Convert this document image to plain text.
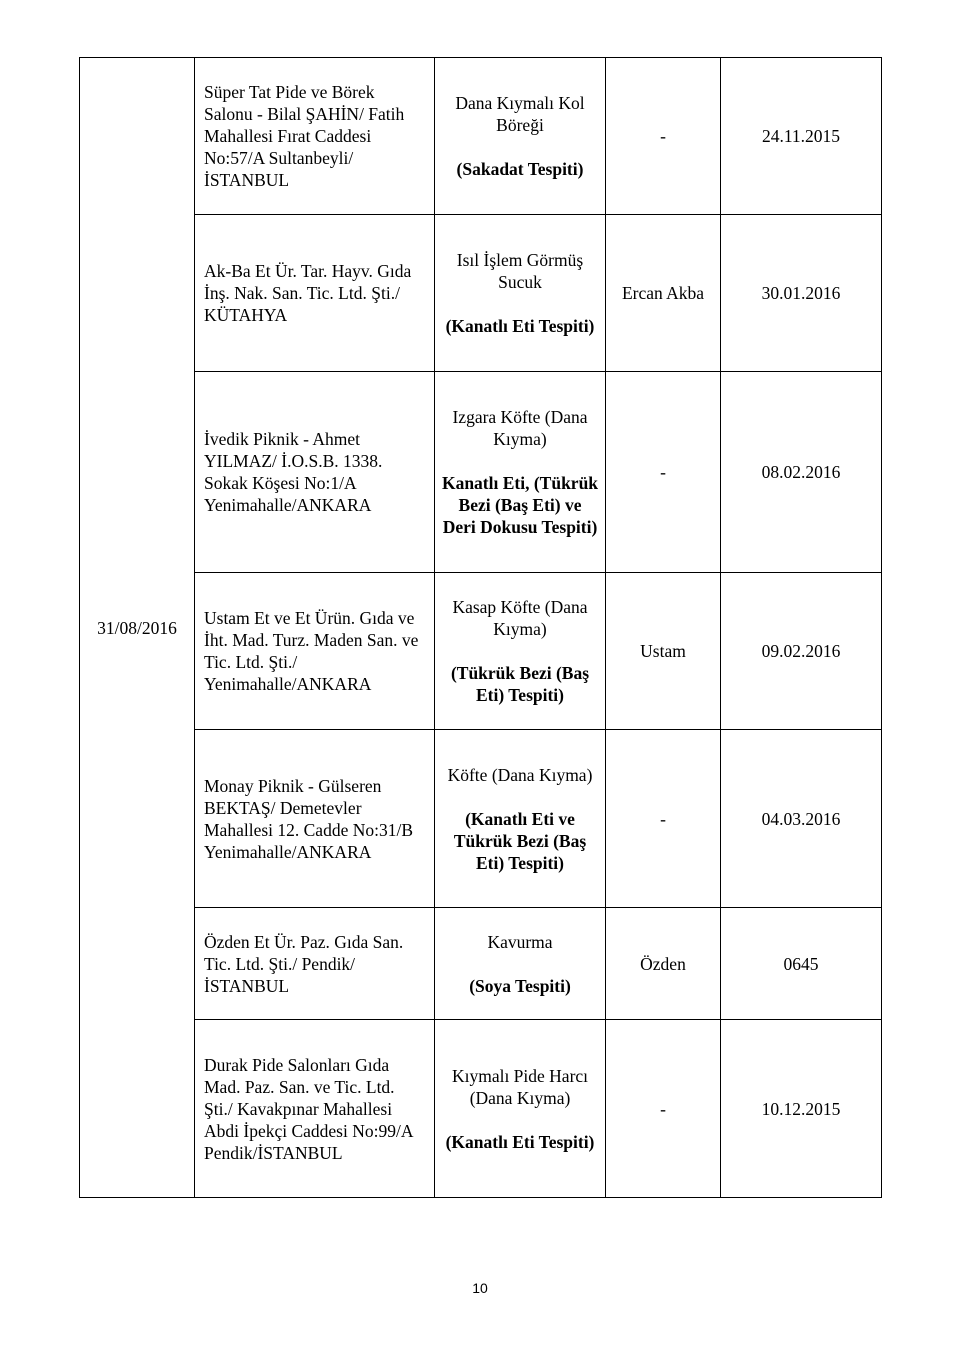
31/08/2016	Süper Tat Pide ve Börek Salonu - Bilal ŞAHİN/ Fatih Mahallesi Fırat Caddesi No:57/A Sultanbeyli/İSTANBUL	Dana Kıymalı Kol Böreği
(Sakadat Tespiti)	-	24.11.2015

	Ak-Ba Et Ür. Tar. Hayv. Gıda İnş. Nak. San. Tic. Ltd. Şti./ KÜTAHYA	Isıl İşlem Görmüş Sucuk
(Kanatlı Eti Tespiti)	Ercan Akba	30.01.2016

	İvedik Piknik - Ahmet YILMAZ/ İ.O.S.B. 1338. Sokak Köşesi No:1/A Yenimahalle/ANKARA	Izgara Köfte (Dana Kıyma)
Kanatlı Eti, (Tükrük Bezi (Baş Eti) ve Deri Dokusu Tespiti)	-	08.02.2016

	Ustam Et ve Et Ürün. Gıda ve İht. Mad. Turz. Maden San. ve Tic. Ltd. Şti./ Yenimahalle/ANKARA	Kasap Köfte (Dana Kıyma)
(Tükrük Bezi (Baş Eti) Tespiti)	Ustam	09.02.2016

	Monay Piknik - Gülseren BEKTAŞ/ Demetevler Mahallesi 12. Cadde No:31/B Yenimahalle/ANKARA	Köfte (Dana Kıyma)
(Kanatlı Eti ve Tükrük Bezi (Baş Eti) Tespiti)	-	04.03.2016

	Özden Et Ür. Paz. Gıda San. Tic. Ltd. Şti./ Pendik/İSTANBUL	Kavurma
(Soya Tespiti)	Özden	0645

	Durak Pide Salonları Gıda Mad. Paz. San. ve Tic. Ltd. Şti./ Kavakpınar Mahallesi Abdi İpekçi Caddesi No:99/A Pendik/İSTANBUL	Kıymalı Pide Harcı (Dana Kıyma)
(Kanatlı Eti Tespiti)	-	10.12.2015
10
